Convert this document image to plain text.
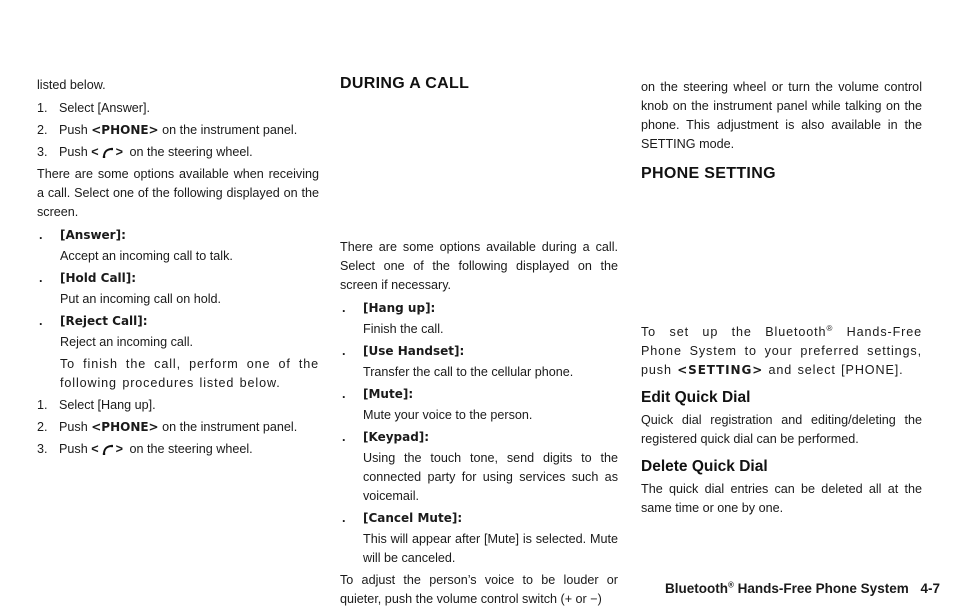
listed below.

1. Select [Answer].
2. Push <PHONE> on the instrument panel.
3. Push < > on the steering wheel.

There are some options available when receiving a call. Select one of the following displayed on the screen.

.	[Answer]:
Accept an incoming call to talk.
.	[Hold Call]:
Put an incoming call on hold.
.	[Reject Call]:
Reject an incoming call.
To finish the call, perform one of the following procedures listed below.
1. Select [Hang up].
2. Push <PHONE> on the instrument panel.
3. Push < > on the steering wheel.
DURING A CALL

There are some options available during a call. Select one of the following displayed on the screen if necessary.

.	[Hang up]:
Finish the call.
.	[Use Handset]:
Transfer the call to the cellular phone.
.	[Mute]:
Mute your voice to the person.
.	[Keypad]:
Using the touch tone, send digits to the connected party for using services such as voicemail.
.	[Cancel Mute]:
This will appear after [Mute] is selected. Mute will be canceled.

To adjust the person’s voice to be louder or quieter, push the volume control switch (+ or −)

on the steering wheel or turn the volume control knob on the instrument panel while talking on the phone. This adjustment is also available in the SETTING mode.

PHONE SETTING

To set up the Bluetooth® Hands-Free Phone System to your preferred settings, push <SETTING> and select [PHONE].

Edit Quick Dial

Quick dial registration and editing/deleting the registered quick dial can be performed.

Delete Quick Dial

The quick dial entries can be deleted all at the same time or one by one.

Bluetooth® Hands-Free Phone System 4-7
